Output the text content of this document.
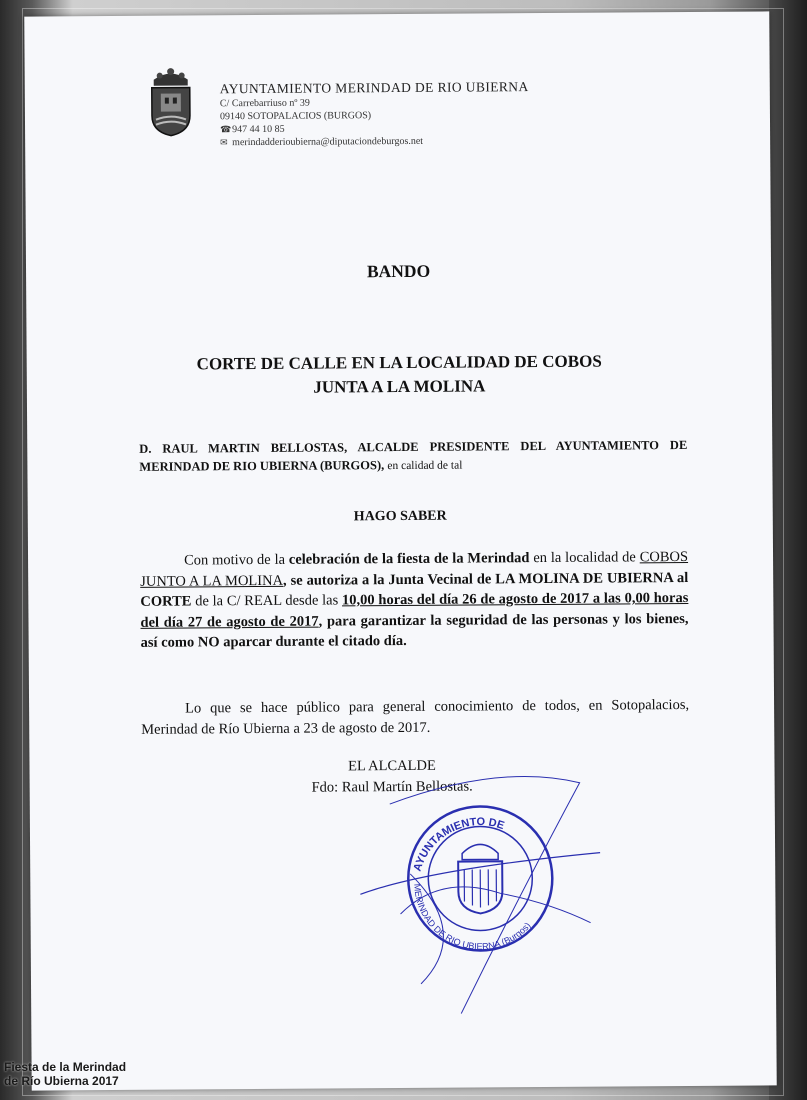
AYUNTAMIENTO MERINDAD DE RIO UBIERNA
C/ Carrebarriuso nº 39
09140 SOTOPALACIOS (BURGOS)
☎947 44 10 85
✉ merindadderioubierna@diputaciondeburgos.net
BANDO
CORTE DE CALLE EN LA LOCALIDAD DE COBOS
JUNTA A LA MOLINA
D. RAUL MARTIN BELLOSTAS, ALCALDE PRESIDENTE DEL AYUNTAMIENTO DE MERINDAD DE RIO UBIERNA (BURGOS), en calidad de tal
HAGO SABER
Con motivo de la celebración de la fiesta de la Merindad en la localidad de COBOS JUNTO A LA MOLINA, se autoriza a la Junta Vecinal de LA MOLINA DE UBIERNA al CORTE de la C/ REAL desde las 10,00 horas del día 26 de agosto de 2017 a las 0,00 horas del día 27 de agosto de 2017, para garantizar la seguridad de las personas y los bienes, así como NO aparcar durante el citado día.
Lo que se hace público para general conocimiento de todos, en Sotopalacios, Merindad de Río Ubierna a 23 de agosto de 2017.
EL ALCALDE
Fdo: Raul Martín Bellostas.
AYUNTAMIENTO DE
MERINDAD DE RIO UBIERNA (Burgos)
Fiesta de la Merindad
de Río Ubierna 2017
